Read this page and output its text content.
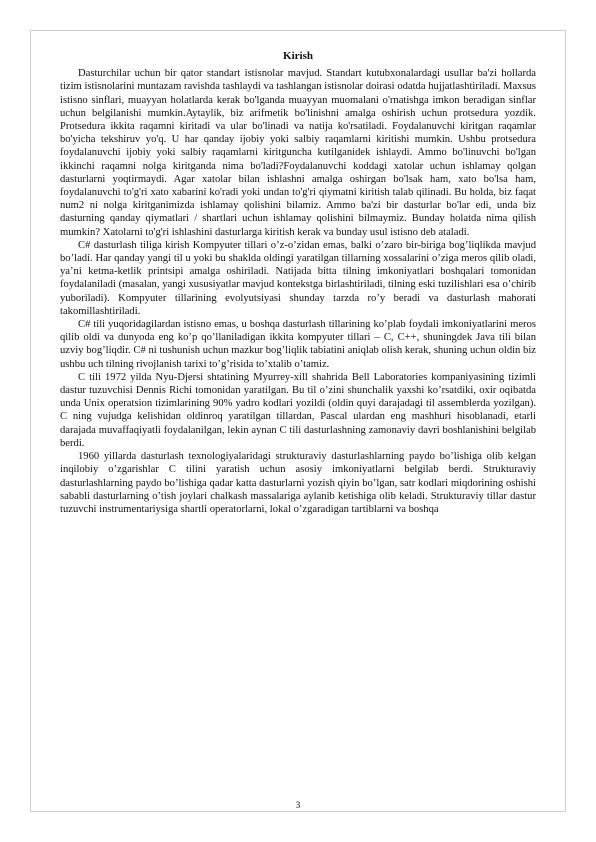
Kirish

Dasturchilar uchun bir qator standart istisnolar mavjud. Standart kutubxonalardagi usullar ba'zi hollarda tizim istisnolarini muntazam ravishda tashlaydi va tashlangan istisnolar doirasi odatda hujjatlashtiriladi. Maxsus istisno sinflari, muayyan holatlarda kerak bo'lganda muayyan muomalani o'rnatishga imkon beradigan sinflar uchun belgilanishi mumkin.Aytaylik, biz arifmetik bo'linishni amalga oshirish uchun protsedura yozdik. Protsedura ikkita raqamni kiritadi va ular bo'linadi va natija ko'rsatiladi. Foydalanuvchi kiritgan raqamlar bo'yicha tekshiruv yo'q. U har qanday ijobiy yoki salbiy raqamlarni kiritishi mumkin. Ushbu protsedura foydalanuvchi ijobiy yoki salbiy raqamlarni kiritguncha kutilganidek ishlaydi. Ammo bo'linuvchi bo'lgan ikkinchi raqamni nolga kiritganda nima bo'ladi?Foydalanuvchi koddagi xatolar uchun ishlamay qolgan dasturlarni yoqtirmaydi. Agar xatolar bilan ishlashni amalga oshirgan bo'lsak ham, xato bo'lsa ham, foydalanuvchi to'g'ri xato xabarini ko'radi yoki undan to'g'ri qiymatni kiritish talab qilinadi. Bu holda, biz faqat num2 ni nolga kiritganimizda ishlamay qolishini bilamiz. Ammo ba'zi bir dasturlar bo'lar edi, unda biz dasturning qanday qiymatlari / shartlari uchun ishlamay qolishini bilmaymiz. Bunday holatda nima qilish mumkin? Xatolarni to'g'ri ishlashini dasturlarga kiritish kerak va bunday usul istisno deb ataladi.

C# dasturlash tiliga kirish Kompyuter tillari o’z-o’zidan emas, balki o’zaro bir-biriga bog’liqlikda mavjud bo’ladi. Har qanday yangi til u yoki bu shaklda oldingi yaratilgan tillarning xossalarini o’ziga meros qilib oladi, ya’ni ketma-ketlik printsipi amalga oshiriladi. Natijada bitta tilning imkoniyatlari boshqalari tomonidan foydalaniladi (masalan, yangi xususiyatlar mavjud kontekstga birlashtiriladi, tilning eski tuzilishlari esa o’chirib yuboriladi). Kompyuter tillarining evolyutsiyasi shunday tarzda ro’y beradi va dasturlash mahorati takomillashtiriladi.

C# tili yuqoridagilardan istisno emas, u boshqa dasturlash tillarining ko’plab foydali imkoniyatlarini meros qilib oldi va dunyoda eng ko’p qo’llaniladigan ikkita kompyuter tillari – C, C++, shuningdek Java tili bilan uzviy bog’liqdir. C# ni tushunish uchun mazkur bog’liqlik tabiatini aniqlab olish kerak, shuning uchun oldin biz ushbu uch tilning rivojlanish tarixi to’g’risida to’xtalib o’tamiz.

C tili 1972 yilda Nyu-Djersi shtatining Myurrey-xill shahrida Bell Laboratories kompaniyasining tizimli dastur tuzuvchisi Dennis Richi tomonidan yaratilgan. Bu til o’zini shunchalik yaxshi ko’rsatdiki, oxir oqibatda unda Unix operatsion tizimlarining 90% yadro kodlari yozildi (oldin quyi darajadagi til assemblerda yozilgan). C ning vujudga kelishidan oldinroq yaratilgan tillardan, Pascal ulardan eng mashhuri hisoblanadi, etarli darajada muvaffaqiyatli foydalanilgan, lekin aynan C tili dasturlashning zamonaviy davri boshlanishini belgilab berdi.

1960 yillarda dasturlash texnologiyalaridagi strukturaviy dasturlashlarning paydo bo’lishiga olib kelgan inqilobiy o’zgarishlar C tilini yaratish uchun asosiy imkoniyatlarni belgilab berdi. Strukturaviy dasturlashlarning paydo bo’lishiga qadar katta dasturlarni yozish qiyin bo’lgan, satr kodlari miqdorining oshishi sababli dasturlarning o’tish joylari chalkash massalariga aylanib ketishiga olib keladi. Strukturaviy tillar dastur tuzuvchi instrumentariysiga shartli operatorlarni, lokal o’zgaradigan tartiblarni va boshqa

3
